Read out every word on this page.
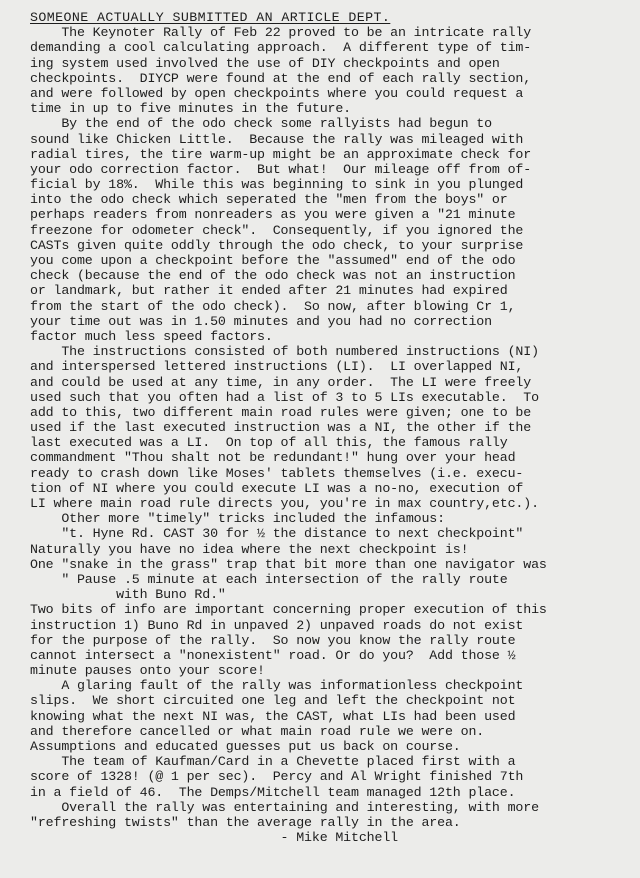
SOMEONE ACTUALLY SUBMITTED AN ARTICLE DEPT.
The Keynoter Rally of Feb 22 proved to be an intricate rally
demanding a cool calculating approach.  A different type of tim-
ing system used involved the use of DIY checkpoints and open
checkpoints.  DIYCP were found at the end of each rally section,
and were followed by open checkpoints where you could request a
time in up to five minutes in the future.
By the end of the odo check some rallyists had begun to
sound like Chicken Little.  Because the rally was mileaged with
radial tires, the tire warm-up might be an approximate check for
your odo correction factor.  But what!  Our mileage off from of-
ficial by 18%.  While this was beginning to sink in you plunged
into the odo check which seperated the "men from the boys" or
perhaps readers from nonreaders as you were given a "21 minute
freezone for odometer check".  Consequently, if you ignored the
CASTs given quite oddly through the odo check, to your surprise
you come upon a checkpoint before the "assumed" end of the odo
check (because the end of the odo check was not an instruction
or landmark, but rather it ended after 21 minutes had expired
from the start of the odo check).  So now, after blowing Cr 1,
your time out was in 1.50 minutes and you had no correction
factor much less speed factors.
The instructions consisted of both numbered instructions (NI)
and interspersed lettered instructions (LI).  LI overlapped NI,
and could be used at any time, in any order.  The LI were freely
used such that you often had a list of 3 to 5 LIs executable.  To
add to this, two different main road rules were given; one to be
used if the last executed instruction was a NI, the other if the
last executed was a LI.  On top of all this, the famous rally
commandment "Thou shalt not be redundant!" hung over your head
ready to crash down like Moses' tablets themselves (i.e. execu-
tion of NI where you could execute LI was a no-no, execution of
LI where main road rule directs you, you're in max country,etc.).
Other more "timely" tricks included the infamous:
"t. Hyne Rd. CAST 30 for ½ the distance to next checkpoint"
Naturally you have no idea where the next checkpoint is!
One "snake in the grass" trap that bit more than one navigator was
" Pause .5 minute at each intersection of the rally route
with Buno Rd."
Two bits of info are important concerning proper execution of this
instruction 1) Buno Rd in unpaved 2) unpaved roads do not exist
for the purpose of the rally.  So now you know the rally route
cannot intersect a "nonexistent" road. Or do you?  Add those ½
minute pauses onto your score!
A glaring fault of the rally was informationless checkpoint
slips.  We short circuited one leg and left the checkpoint not
knowing what the next NI was, the CAST, what LIs had been used
and therefore cancelled or what main road rule we were on.
Assumptions and educated guesses put us back on course.
The team of Kaufman/Card in a Chevette placed first with a
score of 1328! (@ 1 per sec).  Percy and Al Wright finished 7th
in a field of 46.  The Demps/Mitchell team managed 12th place.
Overall the rally was entertaining and interesting, with more
"refreshing twists" than the average rally in the area.
- Mike Mitchell
